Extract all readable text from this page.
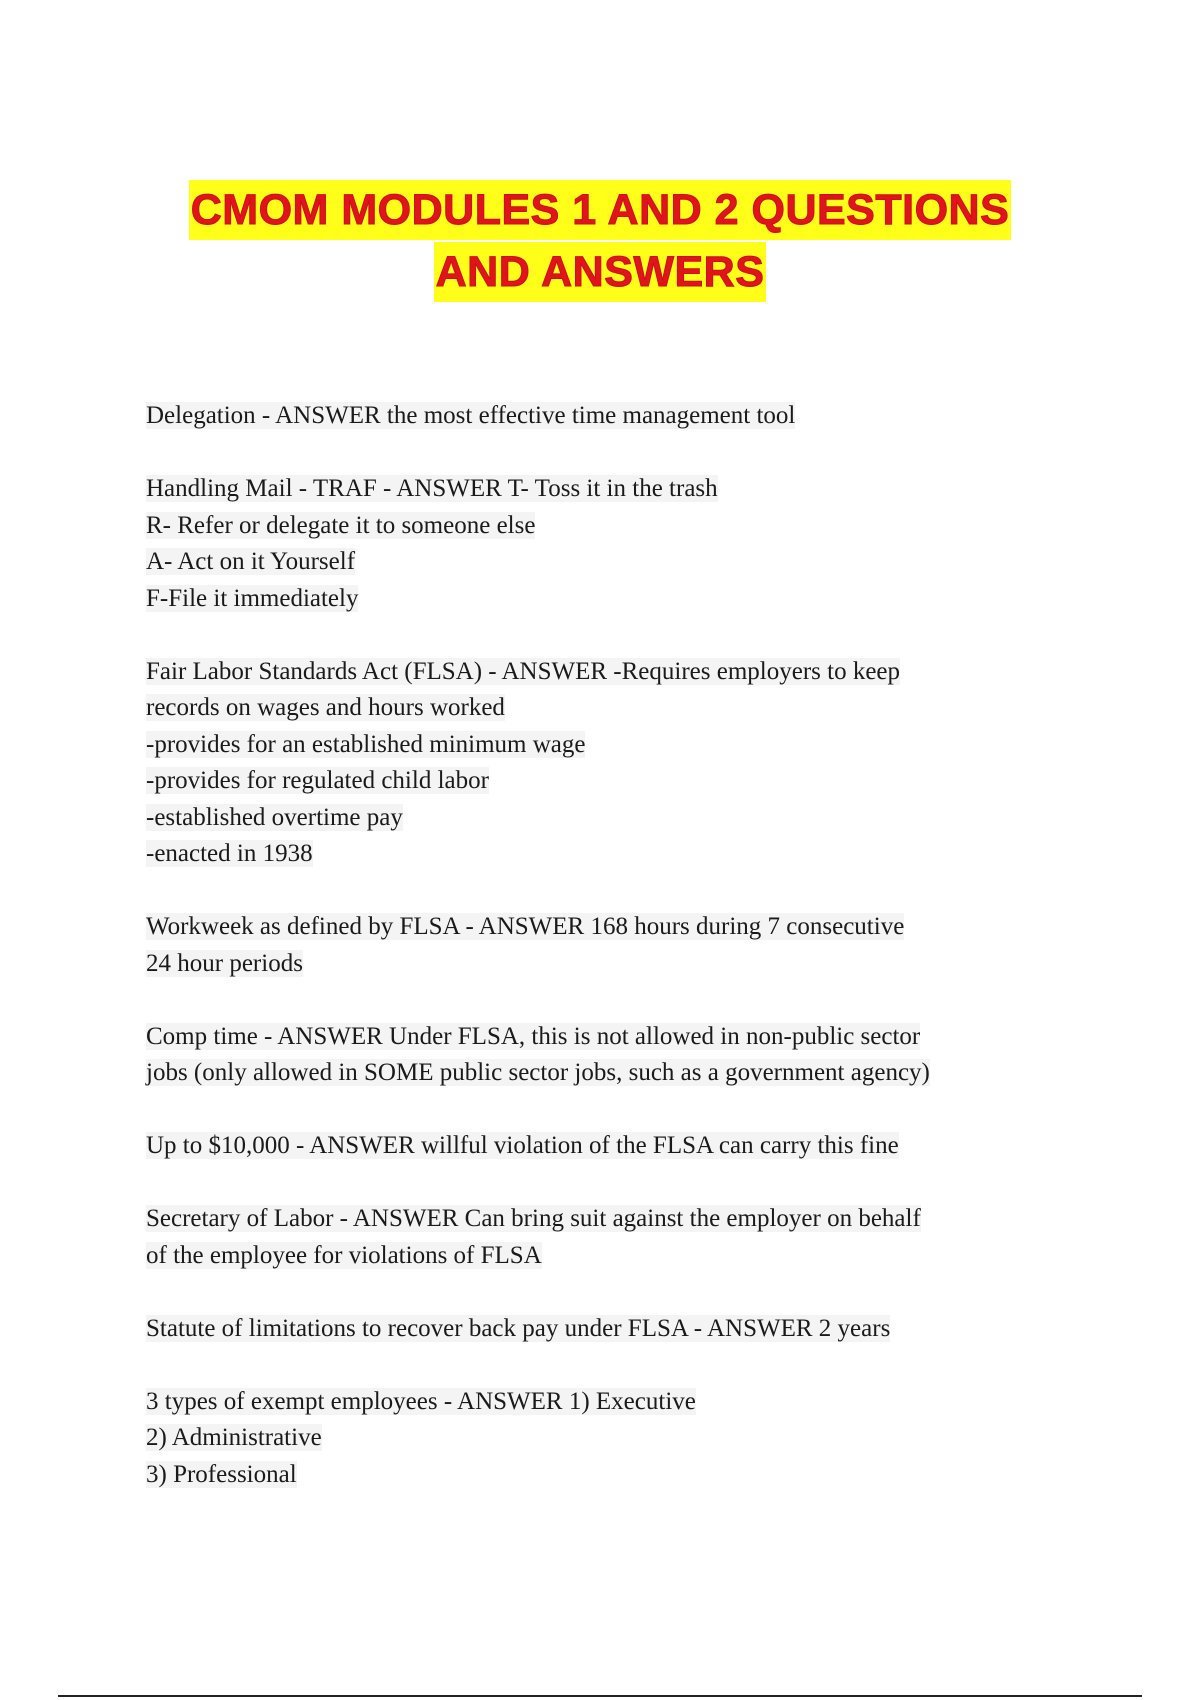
CMOM MODULES 1 AND 2 QUESTIONS
AND ANSWERS
Delegation - ANSWER the most effective time management tool
Handling Mail - TRAF - ANSWER T- Toss it in the trash
R- Refer or delegate it to someone else
A- Act on it Yourself
F-File it immediately
Fair Labor Standards Act (FLSA) - ANSWER -Requires employers to keep
records on wages and hours worked
-provides for an established minimum wage
-provides for regulated child labor
-established overtime pay
-enacted in 1938
Workweek as defined by FLSA - ANSWER 168 hours during 7 consecutive
24 hour periods
Comp time - ANSWER Under FLSA, this is not allowed in non-public sector
jobs (only allowed in SOME public sector jobs, such as a government agency)
Up to $10,000 - ANSWER willful violation of the FLSA can carry this fine
Secretary of Labor - ANSWER Can bring suit against the employer on behalf
of the employee for violations of FLSA
Statute of limitations to recover back pay under FLSA - ANSWER 2 years
3 types of exempt employees - ANSWER 1) Executive
2) Administrative
3) Professional
